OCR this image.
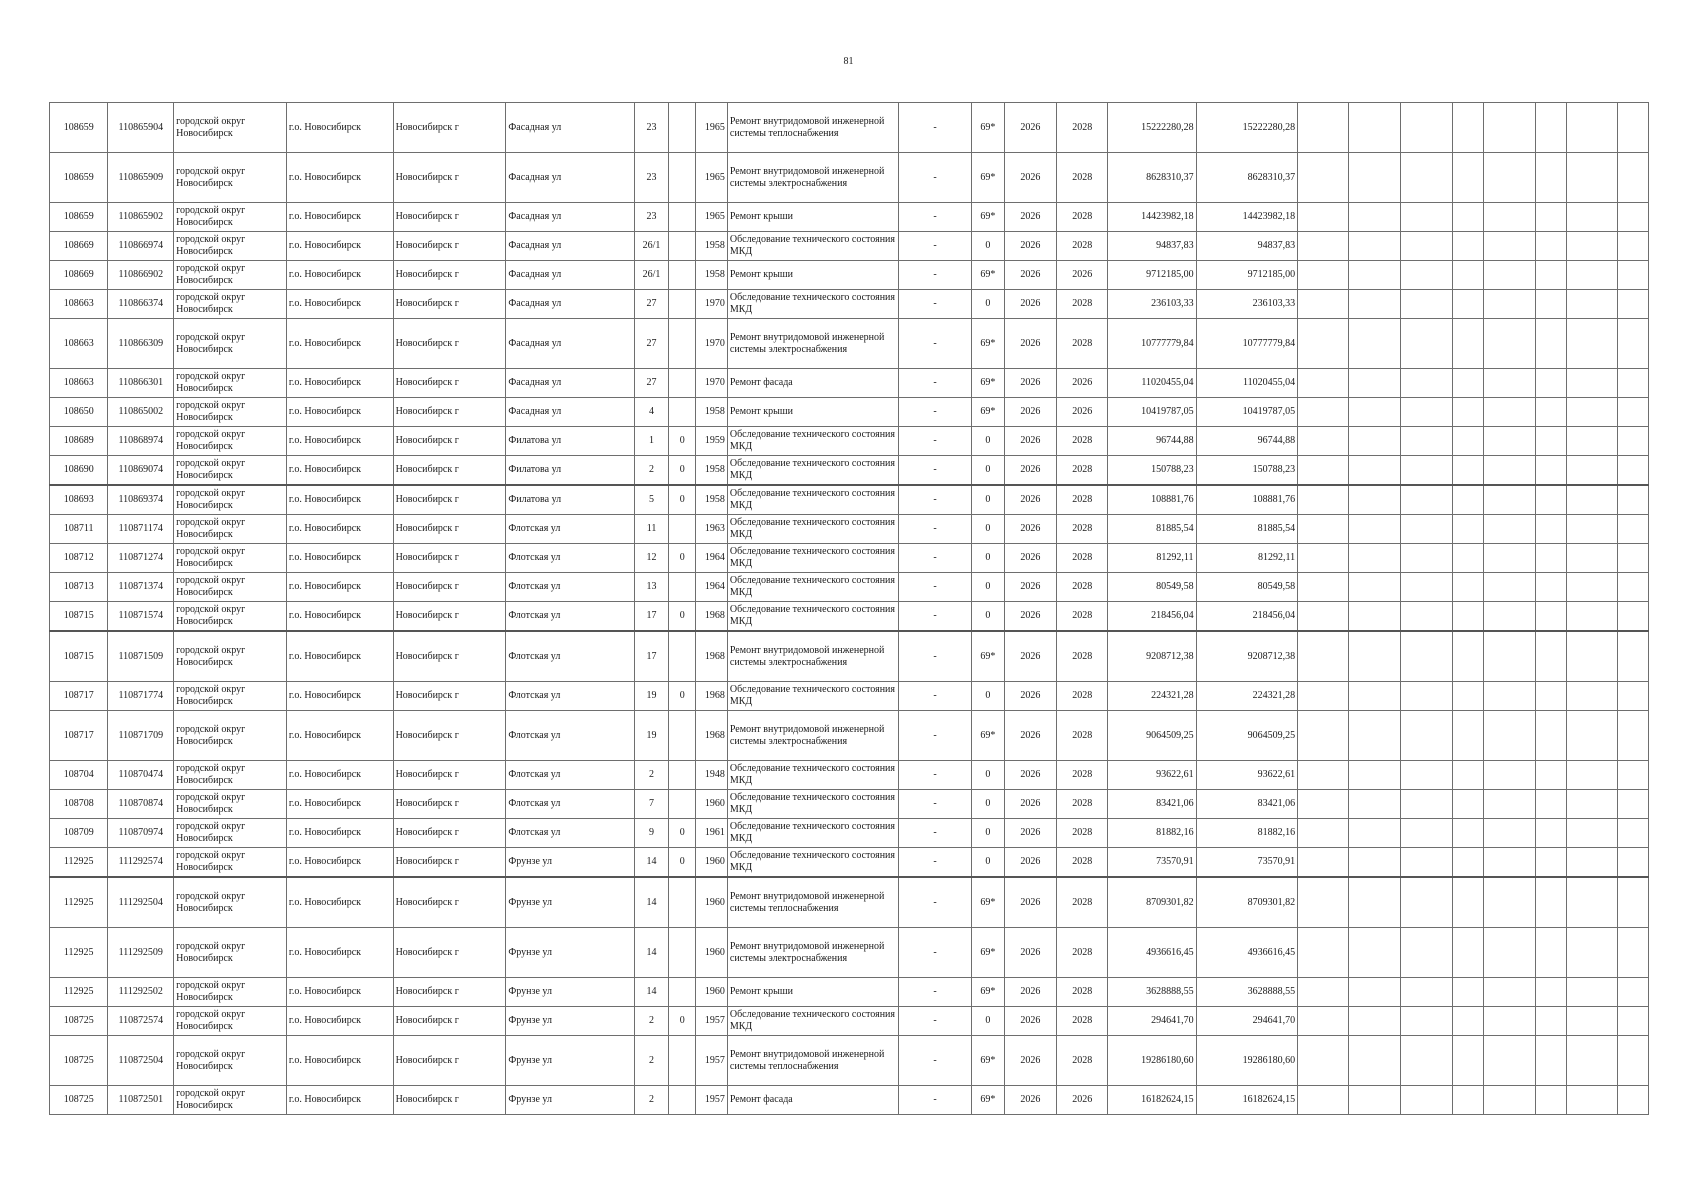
81
108659	110865904	городской округ Новосибирск	г.о. Новосибирск	Новосибирск г	Фасадная ул	23		1965	Ремонт внутридомовой инженерной системы теплоснабжения	-	69*	2026	2028	15222280,28	15222280,28								
108659	110865909	городской округ Новосибирск	г.о. Новосибирск	Новосибирск г	Фасадная ул	23		1965	Ремонт внутридомовой инженерной системы электроснабжения	-	69*	2026	2028	8628310,37	8628310,37								
108659	110865902	городской округ Новосибирск	г.о. Новосибирск	Новосибирск г	Фасадная ул	23		1965	Ремонт крыши	-	69*	2026	2028	14423982,18	14423982,18								
108669	110866974	городской округ Новосибирск	г.о. Новосибирск	Новосибирск г	Фасадная ул	26/1		1958	Обследование технического состояния МКД	-	0	2026	2028	94837,83	94837,83								
108669	110866902	городской округ Новосибирск	г.о. Новосибирск	Новосибирск г	Фасадная ул	26/1		1958	Ремонт крыши	-	69*	2026	2026	9712185,00	9712185,00								
108663	110866374	городской округ Новосибирск	г.о. Новосибирск	Новосибирск г	Фасадная ул	27		1970	Обследование технического состояния МКД	-	0	2026	2028	236103,33	236103,33								
108663	110866309	городской округ Новосибирск	г.о. Новосибирск	Новосибирск г	Фасадная ул	27		1970	Ремонт внутридомовой инженерной системы электроснабжения	-	69*	2026	2028	10777779,84	10777779,84								
108663	110866301	городской округ Новосибирск	г.о. Новосибирск	Новосибирск г	Фасадная ул	27		1970	Ремонт фасада	-	69*	2026	2026	11020455,04	11020455,04								
108650	110865002	городской округ Новосибирск	г.о. Новосибирск	Новосибирск г	Фасадная ул	4		1958	Ремонт крыши	-	69*	2026	2026	10419787,05	10419787,05								
108689	110868974	городской округ Новосибирск	г.о. Новосибирск	Новосибирск г	Филатова ул	1	0	1959	Обследование технического состояния МКД	-	0	2026	2028	96744,88	96744,88								
108690	110869074	городской округ Новосибирск	г.о. Новосибирск	Новосибирск г	Филатова ул	2	0	1958	Обследование технического состояния МКД	-	0	2026	2028	150788,23	150788,23								
108693	110869374	городской округ Новосибирск	г.о. Новосибирск	Новосибирск г	Филатова ул	5	0	1958	Обследование технического состояния МКД	-	0	2026	2028	108881,76	108881,76								
108711	110871174	городской округ Новосибирск	г.о. Новосибирск	Новосибирск г	Флотская ул	11		1963	Обследование технического состояния МКД	-	0	2026	2028	81885,54	81885,54								
108712	110871274	городской округ Новосибирск	г.о. Новосибирск	Новосибирск г	Флотская ул	12	0	1964	Обследование технического состояния МКД	-	0	2026	2028	81292,11	81292,11								
108713	110871374	городской округ Новосибирск	г.о. Новосибирск	Новосибирск г	Флотская ул	13		1964	Обследование технического состояния МКД	-	0	2026	2028	80549,58	80549,58								
108715	110871574	городской округ Новосибирск	г.о. Новосибирск	Новосибирск г	Флотская ул	17	0	1968	Обследование технического состояния МКД	-	0	2026	2028	218456,04	218456,04								
108715	110871509	городской округ Новосибирск	г.о. Новосибирск	Новосибирск г	Флотская ул	17		1968	Ремонт внутридомовой инженерной системы электроснабжения	-	69*	2026	2028	9208712,38	9208712,38								
108717	110871774	городской округ Новосибирск	г.о. Новосибирск	Новосибирск г	Флотская ул	19	0	1968	Обследование технического состояния МКД	-	0	2026	2028	224321,28	224321,28								
108717	110871709	городской округ Новосибирск	г.о. Новосибирск	Новосибирск г	Флотская ул	19		1968	Ремонт внутридомовой инженерной системы электроснабжения	-	69*	2026	2028	9064509,25	9064509,25								
108704	110870474	городской округ Новосибирск	г.о. Новосибирск	Новосибирск г	Флотская ул	2		1948	Обследование технического состояния МКД	-	0	2026	2028	93622,61	93622,61								
108708	110870874	городской округ Новосибирск	г.о. Новосибирск	Новосибирск г	Флотская ул	7		1960	Обследование технического состояния МКД	-	0	2026	2028	83421,06	83421,06								
108709	110870974	городской округ Новосибирск	г.о. Новосибирск	Новосибирск г	Флотская ул	9	0	1961	Обследование технического состояния МКД	-	0	2026	2028	81882,16	81882,16								
112925	111292574	городской округ Новосибирск	г.о. Новосибирск	Новосибирск г	Фрунзе ул	14	0	1960	Обследование технического состояния МКД	-	0	2026	2028	73570,91	73570,91								
112925	111292504	городской округ Новосибирск	г.о. Новосибирск	Новосибирск г	Фрунзе ул	14		1960	Ремонт внутридомовой инженерной системы теплоснабжения	-	69*	2026	2028	8709301,82	8709301,82								
112925	111292509	городской округ Новосибирск	г.о. Новосибирск	Новосибирск г	Фрунзе ул	14		1960	Ремонт внутридомовой инженерной системы электроснабжения	-	69*	2026	2028	4936616,45	4936616,45								
112925	111292502	городской округ Новосибирск	г.о. Новосибирск	Новосибирск г	Фрунзе ул	14		1960	Ремонт крыши	-	69*	2026	2028	3628888,55	3628888,55								
108725	110872574	городской округ Новосибирск	г.о. Новосибирск	Новосибирск г	Фрунзе ул	2	0	1957	Обследование технического состояния МКД	-	0	2026	2028	294641,70	294641,70								
108725	110872504	городской округ Новосибирск	г.о. Новосибирск	Новосибирск г	Фрунзе ул	2		1957	Ремонт внутридомовой инженерной системы теплоснабжения	-	69*	2026	2028	19286180,60	19286180,60								
108725	110872501	городской округ Новосибирск	г.о. Новосибирск	Новосибирск г	Фрунзе ул	2		1957	Ремонт фасада	-	69*	2026	2026	16182624,15	16182624,15								
